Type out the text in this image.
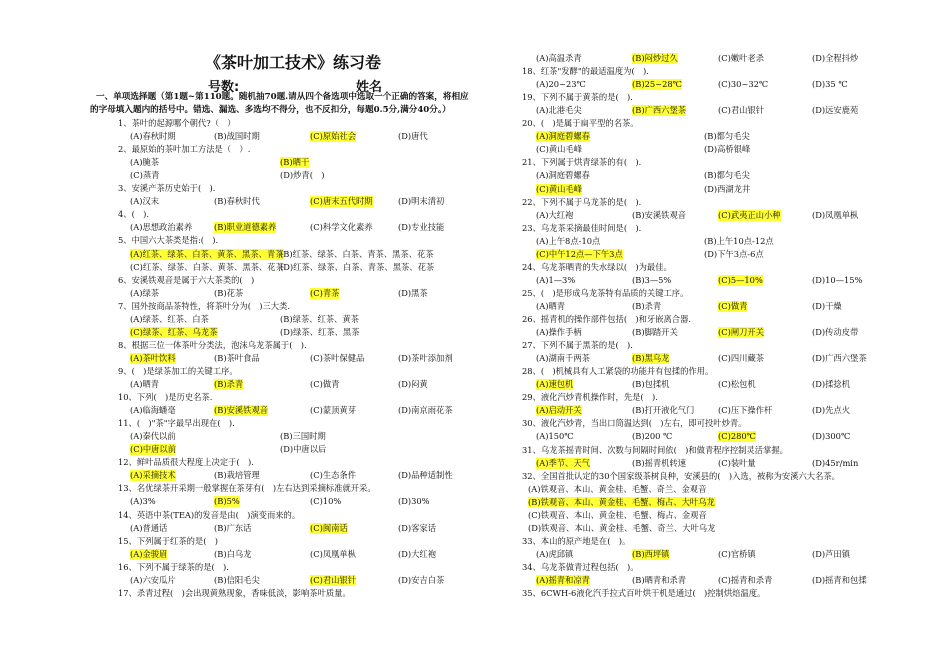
《茶叶加工技术》练习卷
号数:	姓名
一、单项选择题（第1题~第110题。随机抽70题.请从四个备选项中选取一个正确的答案，将相应
的字母填入题内的括号中。错选、漏选、多选均不得分，也不反扣分，每题0.5分,满分40分。）
1、茶叶的起源哪个朝代?（　）
(A)春秋时期	(B)战国时期	(C)原始社会	(D)唐代
2、最原始的茶叶加工方法是（　）.
(A)腌茶	(B)晒干
(C)蒸青	(D)炒青(　)
3、安溪产茶历史始于(　).
(A)汉末	(B)春秋时代	(C)唐末五代时期	(D)明末清初
4、(　).
(A)思想政治素养	(B)职业道德素养	(C)科学文化素养	(D)专业技能
5、中国六大茶类是指:(　).
(A)红茶、绿茶、白茶、黄茶、黑茶、青茶
(B)红茶、绿茶、白茶、青茶、黑茶、花茶
(C)红茶、绿茶、白茶、黄茶、黑茶、花茶
(D)红茶、绿茶、白茶、青茶、黑茶、花茶
6、安溪铁观音是属于六大茶类的(　)
(A)绿茶	(B)花茶	(C)青茶	(D)黑茶
7、国外按商品茶特性，将茶叶分为(　)三大类.
(A)绿茶、红茶、白茶	(B)绿茶、红茶、黄茶
(C)绿茶、红茶、乌龙茶	(D)绿茶、红茶、黑茶
8、根据三位一体茶叶分类法，泡沫乌龙茶属于(　).
(A)茶叶饮料	(B)茶叶食品	(C)茶叶保健品	(D)茶叶添加剂
9、(　)是绿茶加工的关键工序。
(A)晒青	(B)杀青	(C)做青	(D)闷黄
10、下列(　)是历史名茶.
(A)临海蟠毫	(B)安溪铁观音	(C)蒙顶黄芽	(D)南京雨花茶
11、(　)"茶"字最早出现在(　).
(A)秦代以前	(B)三国时期
(C)中唐以前	(D)中唐以后
12、鲜叶品质很大程度上决定于(　).
(A)采摘技术	(B)栽培管理	(C)生态条件	(D)品种适制性
13、名优绿茶开采期一般掌握在茶芽有(　)左右达到采摘标准就开采。
(A)3%	(B)5%	(C)10%	(D)30%
14、英语中茶(TEA)的发音是由(　)演变而来的。
(A)普通话	(B)广东话	(C)闽南话	(D)客家话
15、下列属于红茶的是(　)
(A)金骏眉	(B)白乌龙	(C)凤凰单枞	(D)大红袍
16、下列不属于绿茶的是(　).
(A)六安瓜片	(B)信阳毛尖	(C)君山银针	(D)安吉白茶
17、杀青过程(　)会出现黄熟现象，香味低淡，影响茶叶质量。
(A)高温杀青	(B)闷炒过久	(C)嫩叶老杀	(D)全程抖炒
18、红茶"发酵"的最适温度为(　).
(A)20~23℃	(B)25~28℃	(C)30~32℃	(D)35 ℃
19、下列不属于黄茶的是(　).
(A)北港毛尖	(B)广西六堡茶	(C)君山银针	(D)远安鹿苑
20、(　)是属于扁平型的名茶。
(A)洞庭碧螺春	(B)都匀毛尖
(C)黄山毛峰	(D)高桥银峰
21、下列属于烘青绿茶的有(　).
(A)洞庭碧螺春	(B)都匀毛尖
(C)黄山毛峰	(D)西湖龙井
22、下列不属于乌龙茶的是(　).
(A)大红袍	(B)安溪铁观音	(C)武夷正山小种	(D)凤凰单枞
23、乌龙茶采摘最佳时间是(　).
(A)上午8点-10点	(B)上午10点-12点
(C)中午12点—下午3点	(D)下午3点-6点
24、乌龙茶晒青的失水绿以(　)为最佳。
(A)1—3%	(B)3—5%	(C)5—10%	(D)10—15%
25、(　)是形成乌龙茶特有品质的关键工序。
(A)晒青	(B)杀青	(C)做青	(D)干燥
26、摇青机的操作部件包括(　)和牙嵌离合器.
(A)操作手柄	(B)脚踏开关	(C)闸刀开关	(D)传动皮带
27、下列不属于黑茶的是(　).
(A)湖南千两茶	(B)黑乌龙	(C)四川藏茶	(D)广西六堡茶
28、(　)机械具有人工紧袋的功能并有包揉的作用。
(A)速包机	(B)包揉机	(C)松包机	(D)揉捻机
29、液化汽炒青机操作时，先是(　).
(A)启动开关	(B)打开液化气门	(C)压下操作杆	(D)先点火
30、液化汽炒青，当出口筒温达到(　)左右，即可投叶炒青。
(A)150℃	(B)200 ℃	(C)280℃	(D)300℃
31、乌龙茶摇青时间、次数与间隔时间依(　)和做青程序控制灵活掌握。
(A)季节、天气	(B)摇青机转速	(C)装叶量	(D)45r/min
32、全国首批认定的30个国家级茶树良种，安溪县的(　)入选，被称为安溪六大名茶。
(A)铁观音、本山、黄金桂、毛蟹、奇兰、金观音
(B)铁观音、本山、黄金桂、毛蟹、梅占、大叶乌龙
(C)铁观音、本山、黄金桂、毛蟹、梅占、金观音
(D)铁观音、本山、黄金桂、毛蟹、奇兰、大叶乌龙
33、本山的原产地是在(　)。
(A)虎邱镇	(B)西坪镇	(C)官桥镇	(D)芦田镇
34、乌龙茶做青过程包括(　)。
(A)摇青和凉青	(B)晒青和杀青	(C)摇青和杀青	(D)摇青和包揉
35、6CWH-6液化汽手拉式百叶烘干机是通过(　)控制烘焙温度。
